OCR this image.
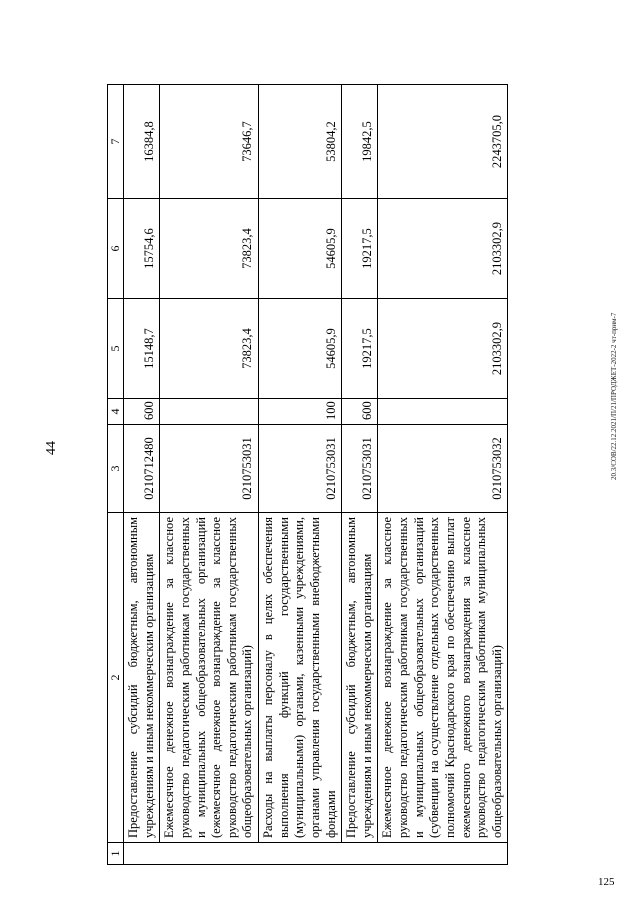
44
125
20.3/СОВ/22.12.2021/П/21/ПРОДЖЕТ-2022-2 чт-прим-7
1	2	3	4	5	6	7
	Предоставление субсидий бюджетным, автономным учреждениям и иным некоммерческим организациям	0210712480	600	15148,7	15754,6	16384,8
	Ежемесячное денежное вознаграждение за классное руководство педагогическим работникам государственных и муниципальных общеобразовательных организаций (ежемесячное денежное вознаграждение за классное руководство педагогическим работникам государственных общеобразовательных организаций)	0210753031		73823,4	73823,4	73646,7
	Расходы на выплаты персоналу в целях обеспечения выполнения функций государственными (муниципальными) органами, казенными учреждениями, органами управления государственными внебюджетными фондами	0210753031	100	54605,9	54605,9	53804,2
	Предоставление субсидий бюджетным, автономным учреждениям и иным некоммерческим организациям	0210753031	600	19217,5	19217,5	19842,5
	Ежемесячное денежное вознаграждение за классное руководство педагогическим работникам государственных и муниципальных общеобразовательных организаций (субвенции на осуществление отдельных государственных полномочий Краснодарского края по обеспечению выплат ежемесячного денежного вознаграждения за классное руководство педагогическим работникам муниципальных общеобразовательных организаций)	0210753032		2103302,9	2103302,9	2243705,0
